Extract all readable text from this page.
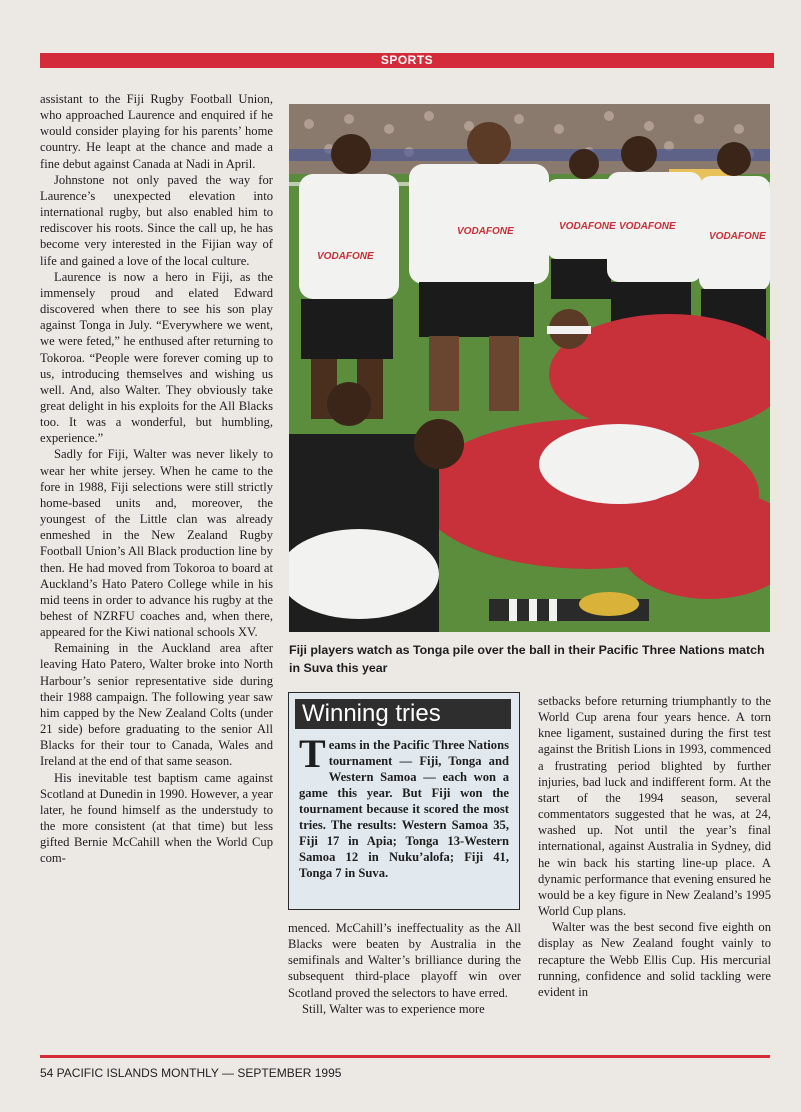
SPORTS

assistant to the Fiji Rugby Football Union, who approached Laurence and enquired if he would consider playing for his parents’ home country. He leapt at the chance and made a fine debut against Canada at Nadi in April.

Johnstone not only paved the way for Laurence’s unexpected elevation into international rugby, but also enabled him to rediscover his roots. Since the call up, he has become very interested in the Fijian way of life and gained a love of the local culture.

Laurence is now a hero in Fiji, as the immensely proud and elated Edward discovered when there to see his son play against Tonga in July. “Everywhere we went, we were feted,” he enthused after returning to Tokoroa. “People were forever coming up to us, introducing themselves and wishing us well. And, also Walter. They obviously take great delight in his exploits for the All Blacks too. It was a wonderful, but humbling, experience.”

Sadly for Fiji, Walter was never likely to wear her white jersey. When he came to the fore in 1988, Fiji selections were still strictly home-based units and, moreover, the youngest of the Little clan was already enmeshed in the New Zealand Rugby Football Union’s All Black production line by then. He had moved from Tokoroa to board at Auckland’s Hato Patero College while in his mid teens in order to advance his rugby at the behest of NZRFU coaches and, when there, appeared for the Kiwi national schools XV.

Remaining in the Auckland area after leaving Hato Patero, Walter broke into North Harbour’s senior representative side during their 1988 campaign. The following year saw him capped by the New Zealand Colts (under 21 side) before graduating to the senior All Blacks for their tour to Canada, Wales and Ireland at the end of that same season.

His inevitable test baptism came against Scotland at Dunedin in 1990. However, a year later, he found himself as the understudy to the more consistent (at that time) but less gifted Bernie McCahill when the World Cup com-

VODAFONE
VODAFONE	VODAFONE VODAFONE
VODAFONE
Fiji players watch as Tonga pile over the ball in their Pacific Three Nations match in Suva this year
Winning tries
Teams in the Pacific Three Nations tournament — Fiji, Tonga and Western Samoa — each won a game this year. But Fiji won the tournament because it scored the most tries. The results: Western Samoa 35, Fiji 17 in Apia; Tonga 13-Western Samoa 12 in Nuku’alofa; Fiji 41, Tonga 7 in Suva.

menced. McCahill’s ineffectuality as the All Blacks were beaten by Australia in the semifinals and Walter’s brilliance during the subsequent third-place playoff win over Scotland proved the selectors to have erred.

Still, Walter was to experience more

setbacks before returning triumphantly to the World Cup arena four years hence. A torn knee ligament, sustained during the first test against the British Lions in 1993, commenced a frustrating period blighted by further injuries, bad luck and indifferent form. At the start of the 1994 season, several commentators suggested that he was, at 24, washed up. Not until the year’s final international, against Australia in Sydney, did he win back his starting line-up place. A dynamic performance that evening ensured he would be a key figure in New Zealand’s 1995 World Cup plans.

Walter was the best second five eighth on display as New Zealand fought vainly to recapture the Webb Ellis Cup. His mercurial running, confidence and solid tackling were evident in

54 PACIFIC ISLANDS MONTHLY — SEPTEMBER 1995
